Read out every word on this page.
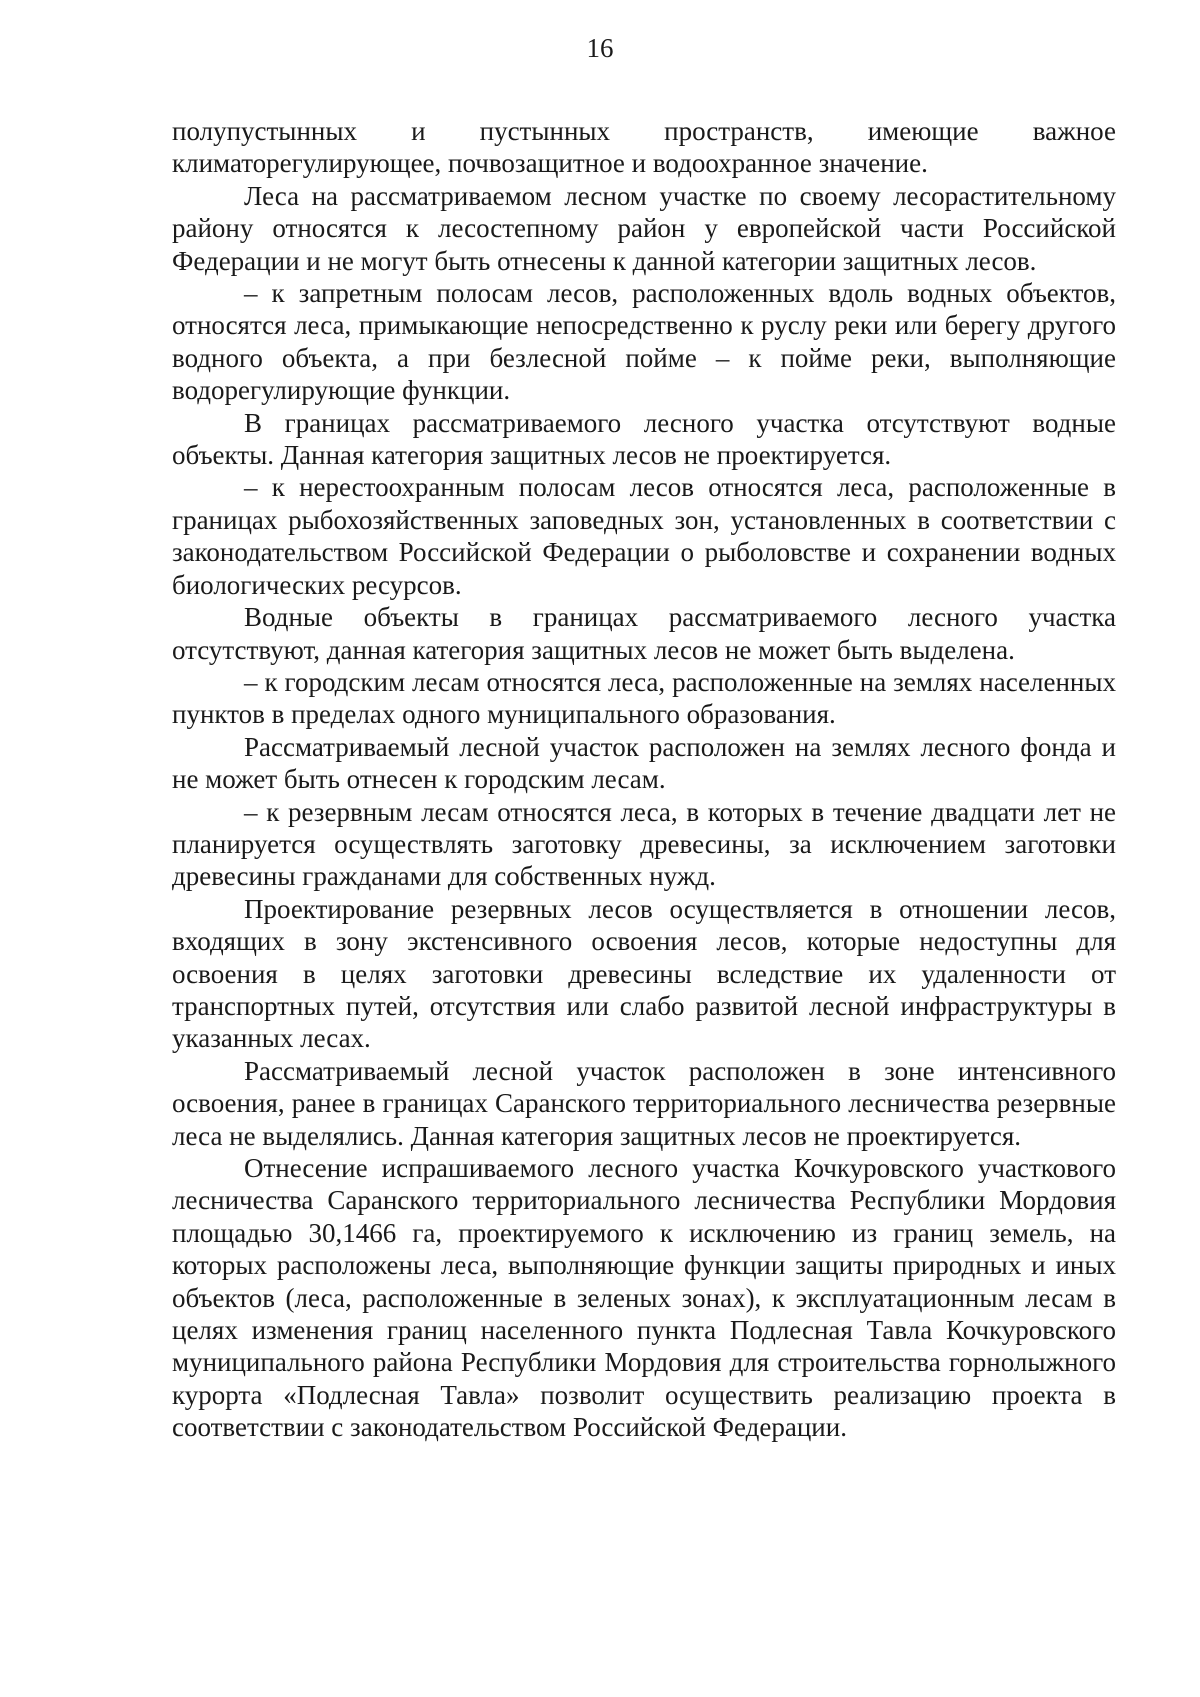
16

полупустынных и пустынных пространств, имеющие важное климаторегулирующее, почвозащитное и водоохранное значение.

Леса на рассматриваемом лесном участке по своему лесорастительному району относятся к лесостепному район у европейской части Российской Федерации и не могут быть отнесены к данной категории защитных лесов.

– к запретным полосам лесов, расположенных вдоль водных объектов, относятся леса, примыкающие непосредственно к руслу реки или берегу другого водного объекта, а при безлесной пойме – к пойме реки, выполняющие водорегулирующие функции.

В границах рассматриваемого лесного участка отсутствуют водные объекты. Данная категория защитных лесов не проектируется.

– к нерестоохранным полосам лесов относятся леса, расположенные в границах рыбохозяйственных заповедных зон, установленных в соответствии с законодательством Российской Федерации о рыболовстве и сохранении водных биологических ресурсов.

Водные объекты в границах рассматриваемого лесного участка отсутствуют, данная категория защитных лесов не может быть выделена.

– к городским лесам относятся леса, расположенные на землях населенных пунктов в пределах одного муниципального образования.

Рассматриваемый лесной участок расположен на землях лесного фонда и не может быть отнесен к городским лесам.

– к резервным лесам относятся леса, в которых в течение двадцати лет не планируется осуществлять заготовку древесины, за исключением заготовки древесины гражданами для собственных нужд.

Проектирование резервных лесов осуществляется в отношении лесов, входящих в зону экстенсивного освоения лесов, которые недоступны для освоения в целях заготовки древесины вследствие их удаленности от транспортных путей, отсутствия или слабо развитой лесной инфраструктуры в указанных лесах.

Рассматриваемый лесной участок расположен в зоне интенсивного освоения, ранее в границах Саранского территориального лесничества резервные леса не выделялись. Данная категория защитных лесов не проектируется.

Отнесение испрашиваемого лесного участка Кочкуровского участкового лесничества Саранского территориального лесничества Республики Мордовия площадью 30,1466 га, проектируемого к исключению из границ земель, на которых расположены леса, выполняющие функции защиты природных и иных объектов (леса, расположенные в зеленых зонах), к эксплуатационным лесам в целях изменения границ населенного пункта Подлесная Тавла Кочкуровского муниципального района Республики Мордовия для строительства горнолыжного курорта «Подлесная Тавла» позволит осуществить реализацию проекта в соответствии с законодательством Российской Федерации.
